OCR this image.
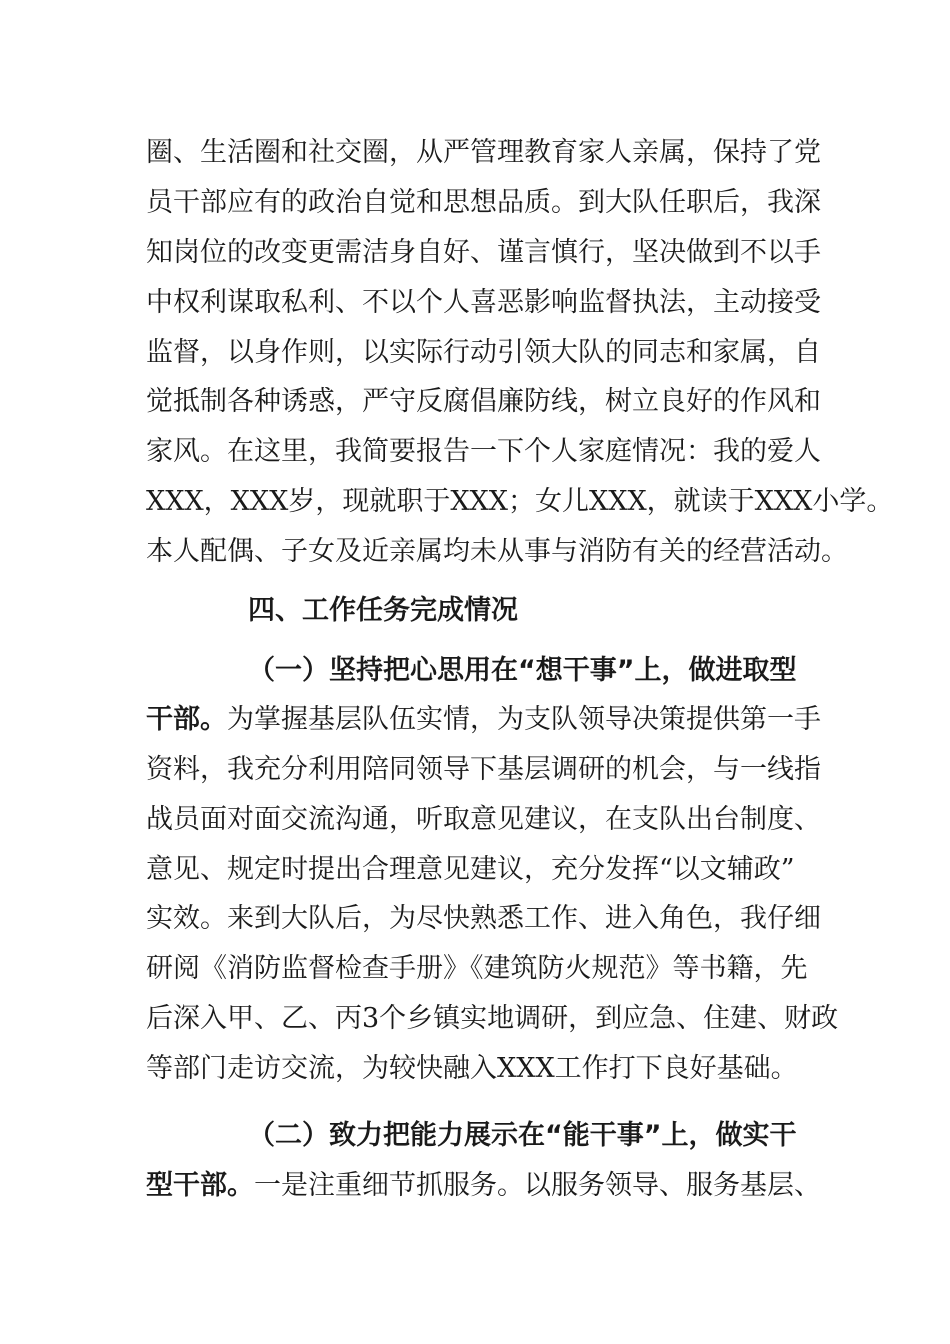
圈、生活圈和社交圈，从严管理教育家人亲属，保持了党
员干部应有的政治自觉和思想品质。到大队任职后，我深
知岗位的改变更需洁身自好、谨言慎行，坚决做到不以手
中权利谋取私利、不以个人喜恶影响监督执法，主动接受
监督，以身作则，以实际行动引领大队的同志和家属，自
觉抵制各种诱惑，严守反腐倡廉防线，树立良好的作风和
家风。在这里，我简要报告一下个人家庭情况：我的爱人
XXX，XXX岁，现就职于XXX；女儿XXX，就读于XXX小学。
本人配偶、子女及近亲属均未从事与消防有关的经营活动。
四、工作任务完成情况
（一）坚持把心思用在“想干事”上，做进取型
干部。为掌握基层队伍实情，为支队领导决策提供第一手
资料，我充分利用陪同领导下基层调研的机会，与一线指
战员面对面交流沟通，听取意见建议，在支队出台制度、
意见、规定时提出合理意见建议，充分发挥“以文辅政”
实效。来到大队后，为尽快熟悉工作、进入角色，我仔细
研阅《消防监督检查手册》《建筑防火规范》等书籍，先
后深入甲、乙、丙3个乡镇实地调研，到应急、住建、财政
等部门走访交流，为较快融入XXX工作打下良好基础。
（二）致力把能力展示在“能干事”上，做实干
型干部。一是注重细节抓服务。以服务领导、服务基层、
